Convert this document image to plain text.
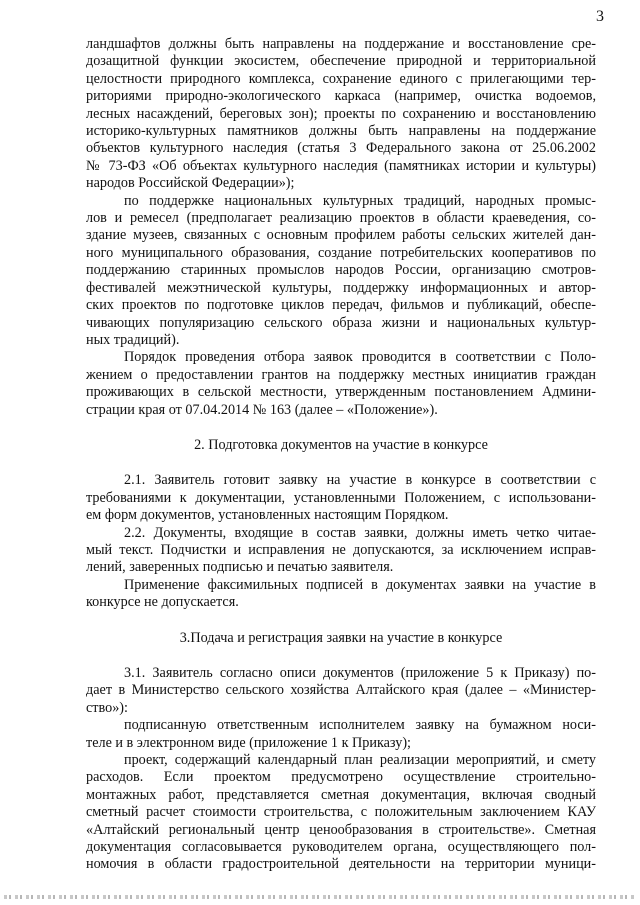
3
ландшафтов должны быть направлены на поддержание и восстановление сре-
дозащитной функции экосистем, обеспечение природной и территориальной
целостности природного комплекса, сохранение единого с прилегающими тер-
риториями природно-экологического каркаса (например, очистка водоемов,
лесных насаждений, береговых зон); проекты по сохранению и восстановлению
историко-культурных памятников должны быть направлены на поддержание
объектов культурного наследия (статья 3 Федерального закона от 25.06.2002
№ 73-ФЗ «Об объектах культурного наследия (памятниках истории и культуры)
народов Российской Федерации»);
по поддержке национальных культурных традиций, народных промыс-
лов и ремесел (предполагает реализацию проектов в области краеведения, со-
здание музеев, связанных с основным профилем работы сельских жителей дан-
ного муниципального образования, создание потребительских кооперативов по
поддержанию старинных промыслов народов России, организацию смотров-
фестивалей межэтнической культуры, поддержку информационных и автор-
ских проектов по подготовке циклов передач, фильмов и публикаций, обеспе-
чивающих популяризацию сельского образа жизни и национальных культур-
ных традиций).
Порядок проведения отбора заявок проводится в соответствии с Поло-
жением о предоставлении грантов на поддержку местных инициатив граждан
проживающих в сельской местности, утвержденным постановлением Админи-
страции края от 07.04.2014 № 163 (далее – «Положение»).
2. Подготовка документов на участие в конкурсе
2.1. Заявитель готовит заявку на участие в конкурсе в соответствии с
требованиями к документации, установленными Положением, с использовани-
ем форм документов, установленных настоящим Порядком.
2.2. Документы, входящие в состав заявки, должны иметь четко читае-
мый текст. Подчистки и исправления не допускаются, за исключением исправ-
лений, заверенных подписью и печатью заявителя.
Применение факсимильных подписей в документах заявки на участие в
конкурсе не допускается.
3.Подача и регистрация заявки на участие в конкурсе
3.1. Заявитель согласно описи документов (приложение 5 к Приказу) по-
дает в Министерство сельского хозяйства Алтайского края (далее – «Министер-
ство»):
подписанную ответственным исполнителем заявку на бумажном носи-
теле и в электронном виде (приложение 1 к Приказу);
проект, содержащий календарный план реализации мероприятий, и смету
расходов. Если проектом предусмотрено осуществление строительно-
монтажных работ, представляется сметная документация, включая сводный
сметный расчет стоимости строительства, с положительным заключением КАУ
«Алтайский региональный центр ценообразования в строительстве». Сметная
документация согласовывается руководителем органа, осуществляющего пол-
номочия в области градостроительной деятельности на территории муници-
